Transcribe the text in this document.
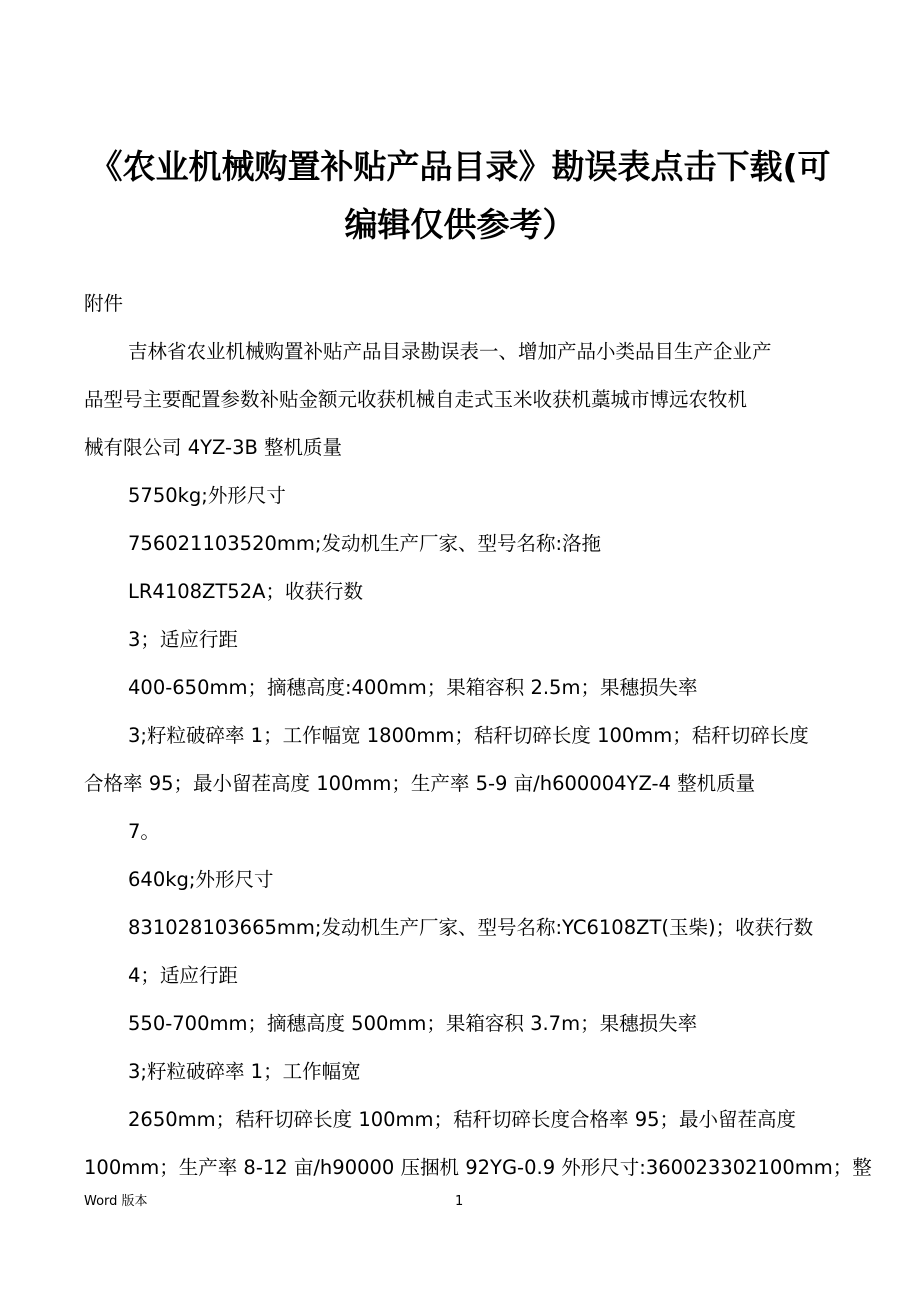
《农业机械购置补贴产品目录》勘误表点击下载(可
编辑仅供参考）

附件

吉林省农业机械购置补贴产品目录勘误表一、增加产品小类品目生产企业产

品型号主要配置参数补贴金额元收获机械自走式玉米收获机藁城市博远农牧机

械有限公司 4YZ-3B 整机质量

5750kg;外形尺寸

756021103520mm;发动机生产厂家、型号名称:洛拖

LR4108ZT52A；收获行数

3；适应行距

400-650mm；摘穗高度:400mm；果箱容积 2.5m；果穗损失率

3;籽粒破碎率 1；工作幅宽 1800mm；秸秆切碎长度 100mm；秸秆切碎长度

合格率 95；最小留茬高度 100mm；生产率 5-9 亩/h600004YZ-4 整机质量

7。

640kg;外形尺寸

831028103665mm;发动机生产厂家、型号名称:YC6108ZT(玉柴)；收获行数

4；适应行距

550-700mm；摘穗高度 500mm；果箱容积 3.7m；果穗损失率

3;籽粒破碎率 1；工作幅宽

2650mm；秸秆切碎长度 100mm；秸秆切碎长度合格率 95；最小留茬高度

100mm；生产率 8-12 亩/h90000 压捆机 92YG-0.9 外形尺寸:360023302100mm；整

Word 版本	1
